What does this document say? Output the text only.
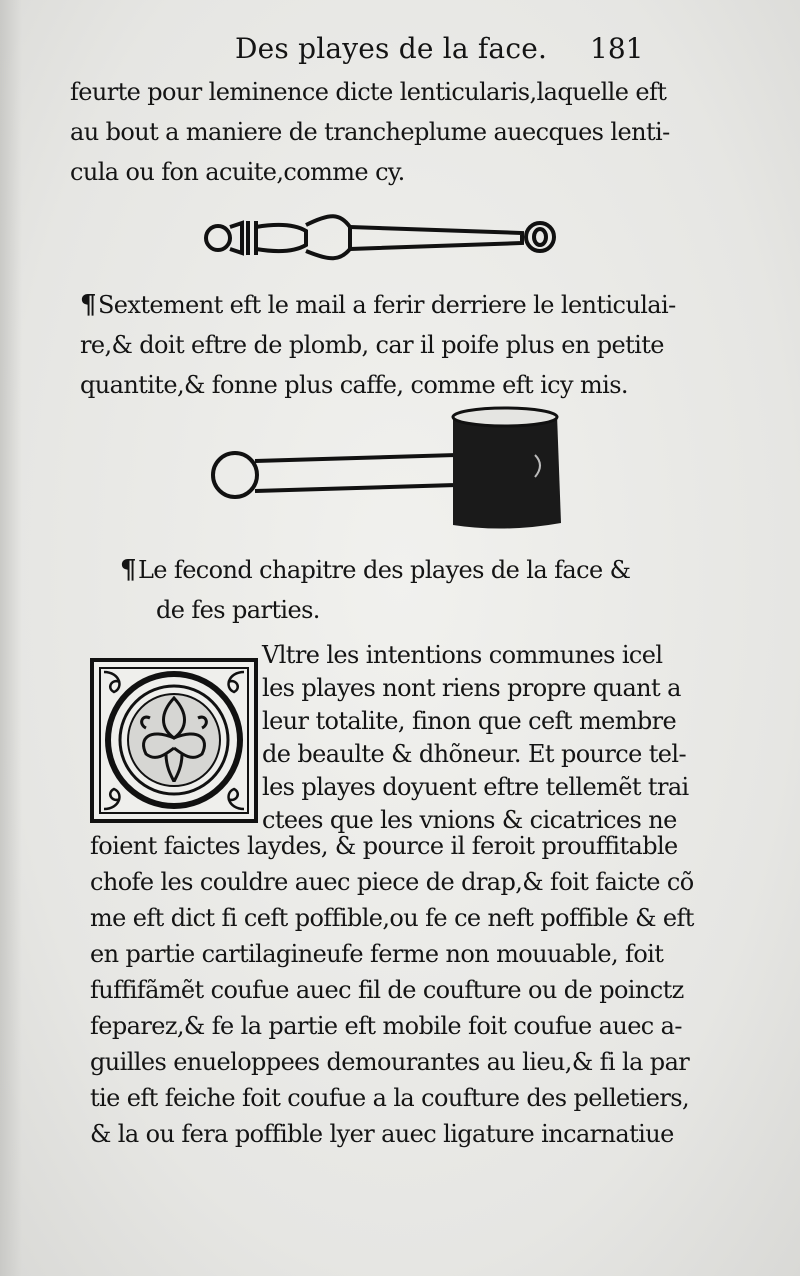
Des playes de la face. 181
feurte pour leminence dicte lenticularis,laquelle eft
au bout a maniere de trancheplume auecques lenti-
cula ou fon acuite,comme cy.
¶Sextement eft le mail a ferir derriere le lenticulai-
re,& doit eftre de plomb, car il poife plus en petite
quantite,& fonne plus caffe, comme eft icy mis.
¶Le fecond chapitre des playes de la face &
de fes parties.
Vltre les intentions communes icel
les playes nont riens propre quant a
leur totalite, finon que ceft membre
de beaulte & dhõneur. Et pource tel-
les playes doyuent eftre tellemẽt trai
ctees que les vnions & cicatrices ne
foient faictes laydes, & pource il feroit prouffitable
chofe les couldre auec piece de drap,& foit faicte cõ
me eft dict fi ceft poffible,ou fe ce neft poffible & eft
en partie cartilagineufe ferme non mouuable, foit
fuffifãmẽt coufue auec fil de coufture ou de poinctz
feparez,& fe la partie eft mobile foit coufue auec a-
guilles enueloppees demourantes au lieu,& fi la par
tie eft feiche foit coufue a la coufture des pelletiers,
& la ou fera poffible lyer auec ligature incarnatiue
